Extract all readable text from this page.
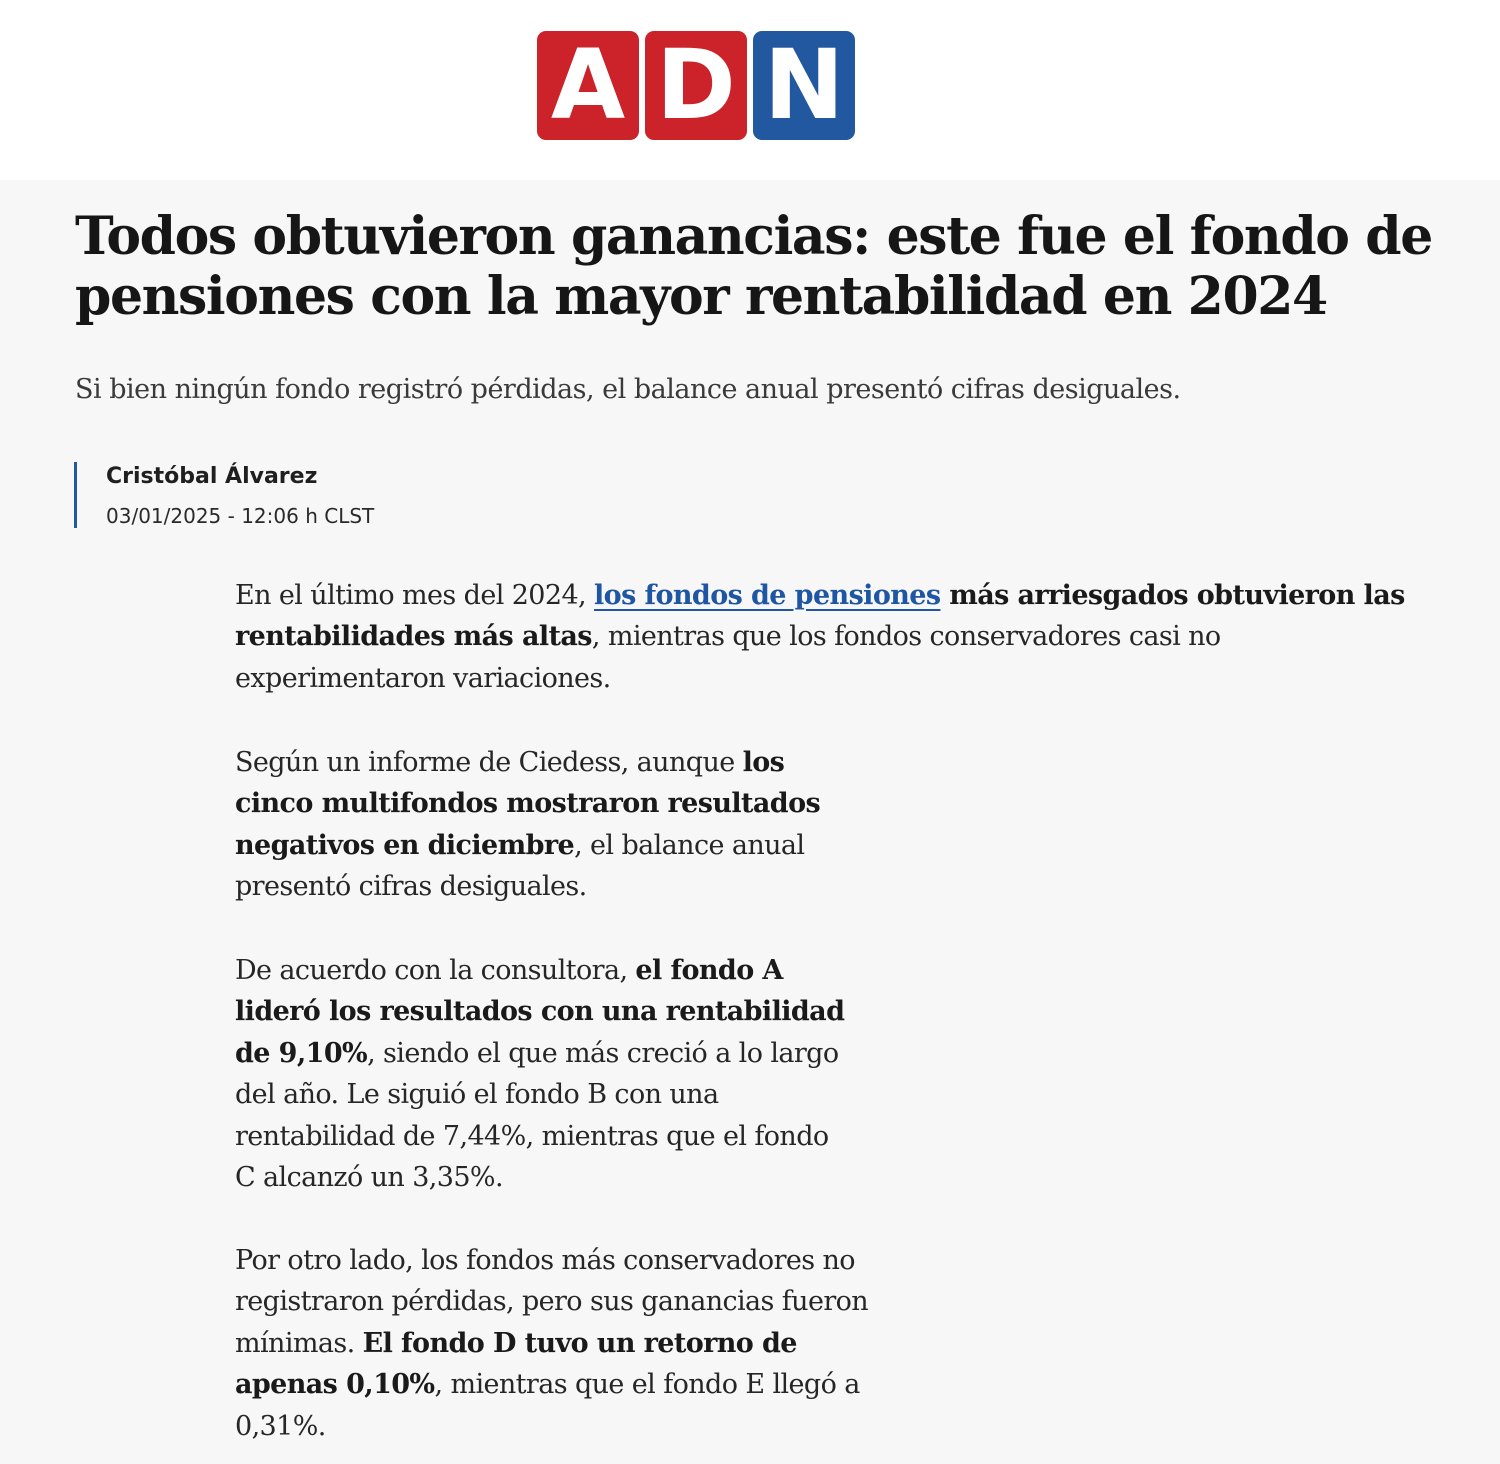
A D N
Todos obtuvieron ganancias: este fue el fondo de pensiones con la mayor rentabilidad en 2024

Si bien ningún fondo registró pérdidas, el balance anual presentó cifras desiguales.

Cristóbal Álvarez
03/01/2025 - 12:06 h CLST

En el último mes del 2024, los fondos de pensiones más arriesgados obtuvieron las rentabilidades más altas, mientras que los fondos conservadores casi no experimentaron variaciones.

Según un informe de Ciedess, aunque los cinco multifondos mostraron resultados negativos en diciembre, el balance anual presentó cifras desiguales.

De acuerdo con la consultora, el fondo A lideró los resultados con una rentabilidad de 9,10%, siendo el que más creció a lo largo del año. Le siguió el fondo B con una rentabilidad de 7,44%, mientras que el fondo C alcanzó un 3,35%.

Por otro lado, los fondos más conservadores no registraron pérdidas, pero sus ganancias fueron mínimas. El fondo D tuvo un retorno de apenas 0,10%, mientras que el fondo E llegó a 0,31%.
